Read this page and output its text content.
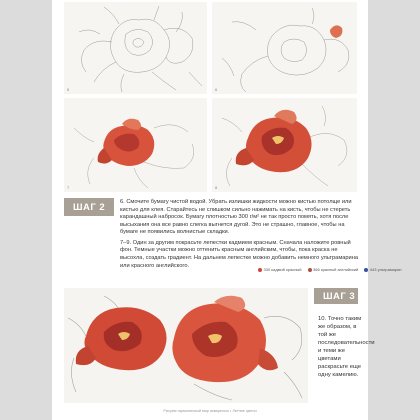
5	6
7	8
ШАГ 2	6. Смочите бумагу чистой водой. Убрать излишки жидкости можно кистью потолще или кистью для клея. Старайтесь не слишком сильно нажимать на кисть, чтобы не стереть карандашный набросок. Бумагу плотностью 300 г/м² не так просто помять, хотя после высыхания она все равно слегка выгнется дугой. Это не страшно, главное, чтобы на бумаге не появились волнистые складки.

7–9. Один за другим покрасьте лепестки кадмием красным. Сначала наложите ровный фон. Темные участки можно оттенить красным английским, чтобы, пока краска не высохла, создать градиент. На дальнем лепестке можно добавить немного ультрамарина или красного английского.

330 кадмий красный	366 красный английский	443 ультрамарин
ШАГ 3
10. Точно таким же образом, в той же последовательности и теми же цветами раскрасьте еще одну камелию.
Рисуем гармоничный мир акварелью • Летние цветы
